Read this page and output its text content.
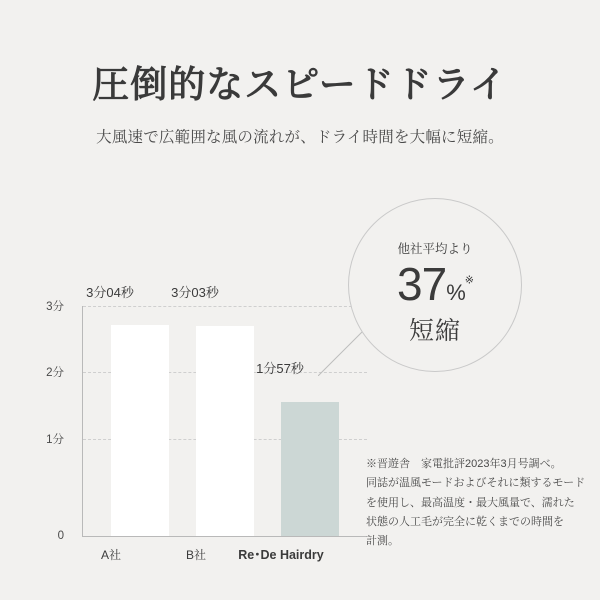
圧倒的なスピードドライ
大風速で広範囲な風の流れが、ドライ時間を大幅に短縮。
3分
2分
1分
0
3分04秒	3分03秒
1分57秒
A社	B社	Re･De Hairdry
他社平均より
37%※
短縮
※晋遊舎　家電批評2023年3月号調べ。
同誌が温風モードおよびそれに類するモード
を使用し、最高温度・最大風量で、濡れた
状態の人工毛が完全に乾くまでの時間を
計測。
